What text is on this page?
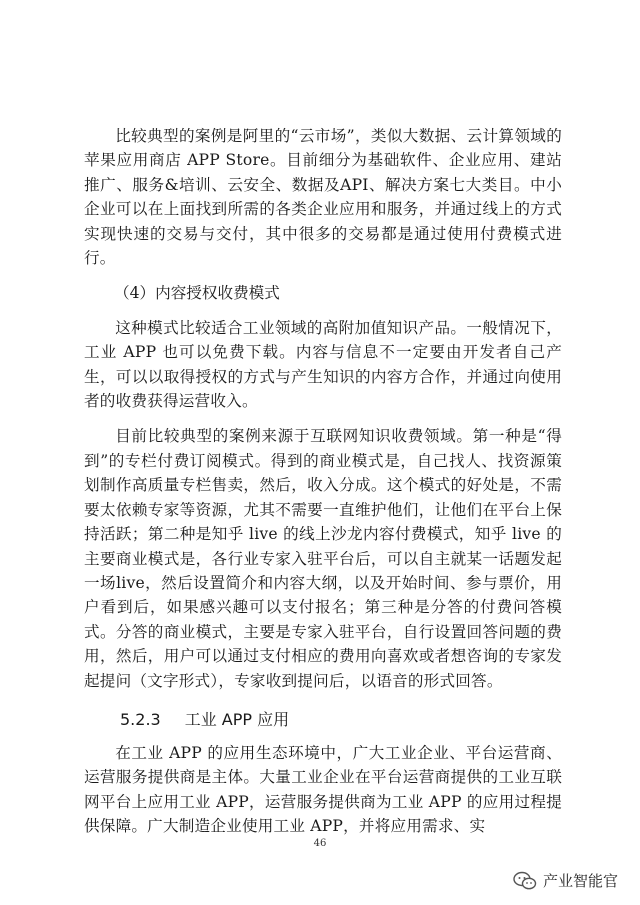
比较典型的案例是阿里的“云市场”，类似大数据、云计算领域的苹果应用商店 APP Store。目前细分为基础软件、企业应用、建站推广、服务&培训、云安全、数据及API、解决方案七大类目。中小企业可以在上面找到所需的各类企业应用和服务，并通过线上的方式实现快速的交易与交付，其中很多的交易都是通过使用付费模式进行。

（4）内容授权收费模式

这种模式比较适合工业领域的高附加值知识产品。一般情况下，工业 APP 也可以免费下载。内容与信息不一定要由开发者自己产生，可以以取得授权的方式与产生知识的内容方合作，并通过向使用者的收费获得运营收入。

目前比较典型的案例来源于互联网知识收费领域。第一种是“得到”的专栏付费订阅模式。得到的商业模式是，自己找人、找资源策划制作高质量专栏售卖，然后，收入分成。这个模式的好处是，不需要太依赖专家等资源，尤其不需要一直维护他们，让他们在平台上保持活跃；第二种是知乎 live 的线上沙龙内容付费模式，知乎 live 的主要商业模式是，各行业专家入驻平台后，可以自主就某一话题发起一场live，然后设置简介和内容大纲，以及开始时间、参与票价，用户看到后，如果感兴趣可以支付报名；第三种是分答的付费问答模式。分答的商业模式，主要是专家入驻平台，自行设置回答问题的费用，然后，用户可以通过支付相应的费用向喜欢或者想咨询的专家发起提问（文字形式），专家收到提问后，以语音的形式回答。

5.2.3 工业 APP 应用

在工业 APP 的应用生态环境中，广大工业企业、平台运营商、运营服务提供商是主体。大量工业企业在平台运营商提供的工业互联网平台上应用工业 APP，运营服务提供商为工业 APP 的应用过程提供保障。广大制造企业使用工业 APP，并将应用需求、实

46
产业智能官
